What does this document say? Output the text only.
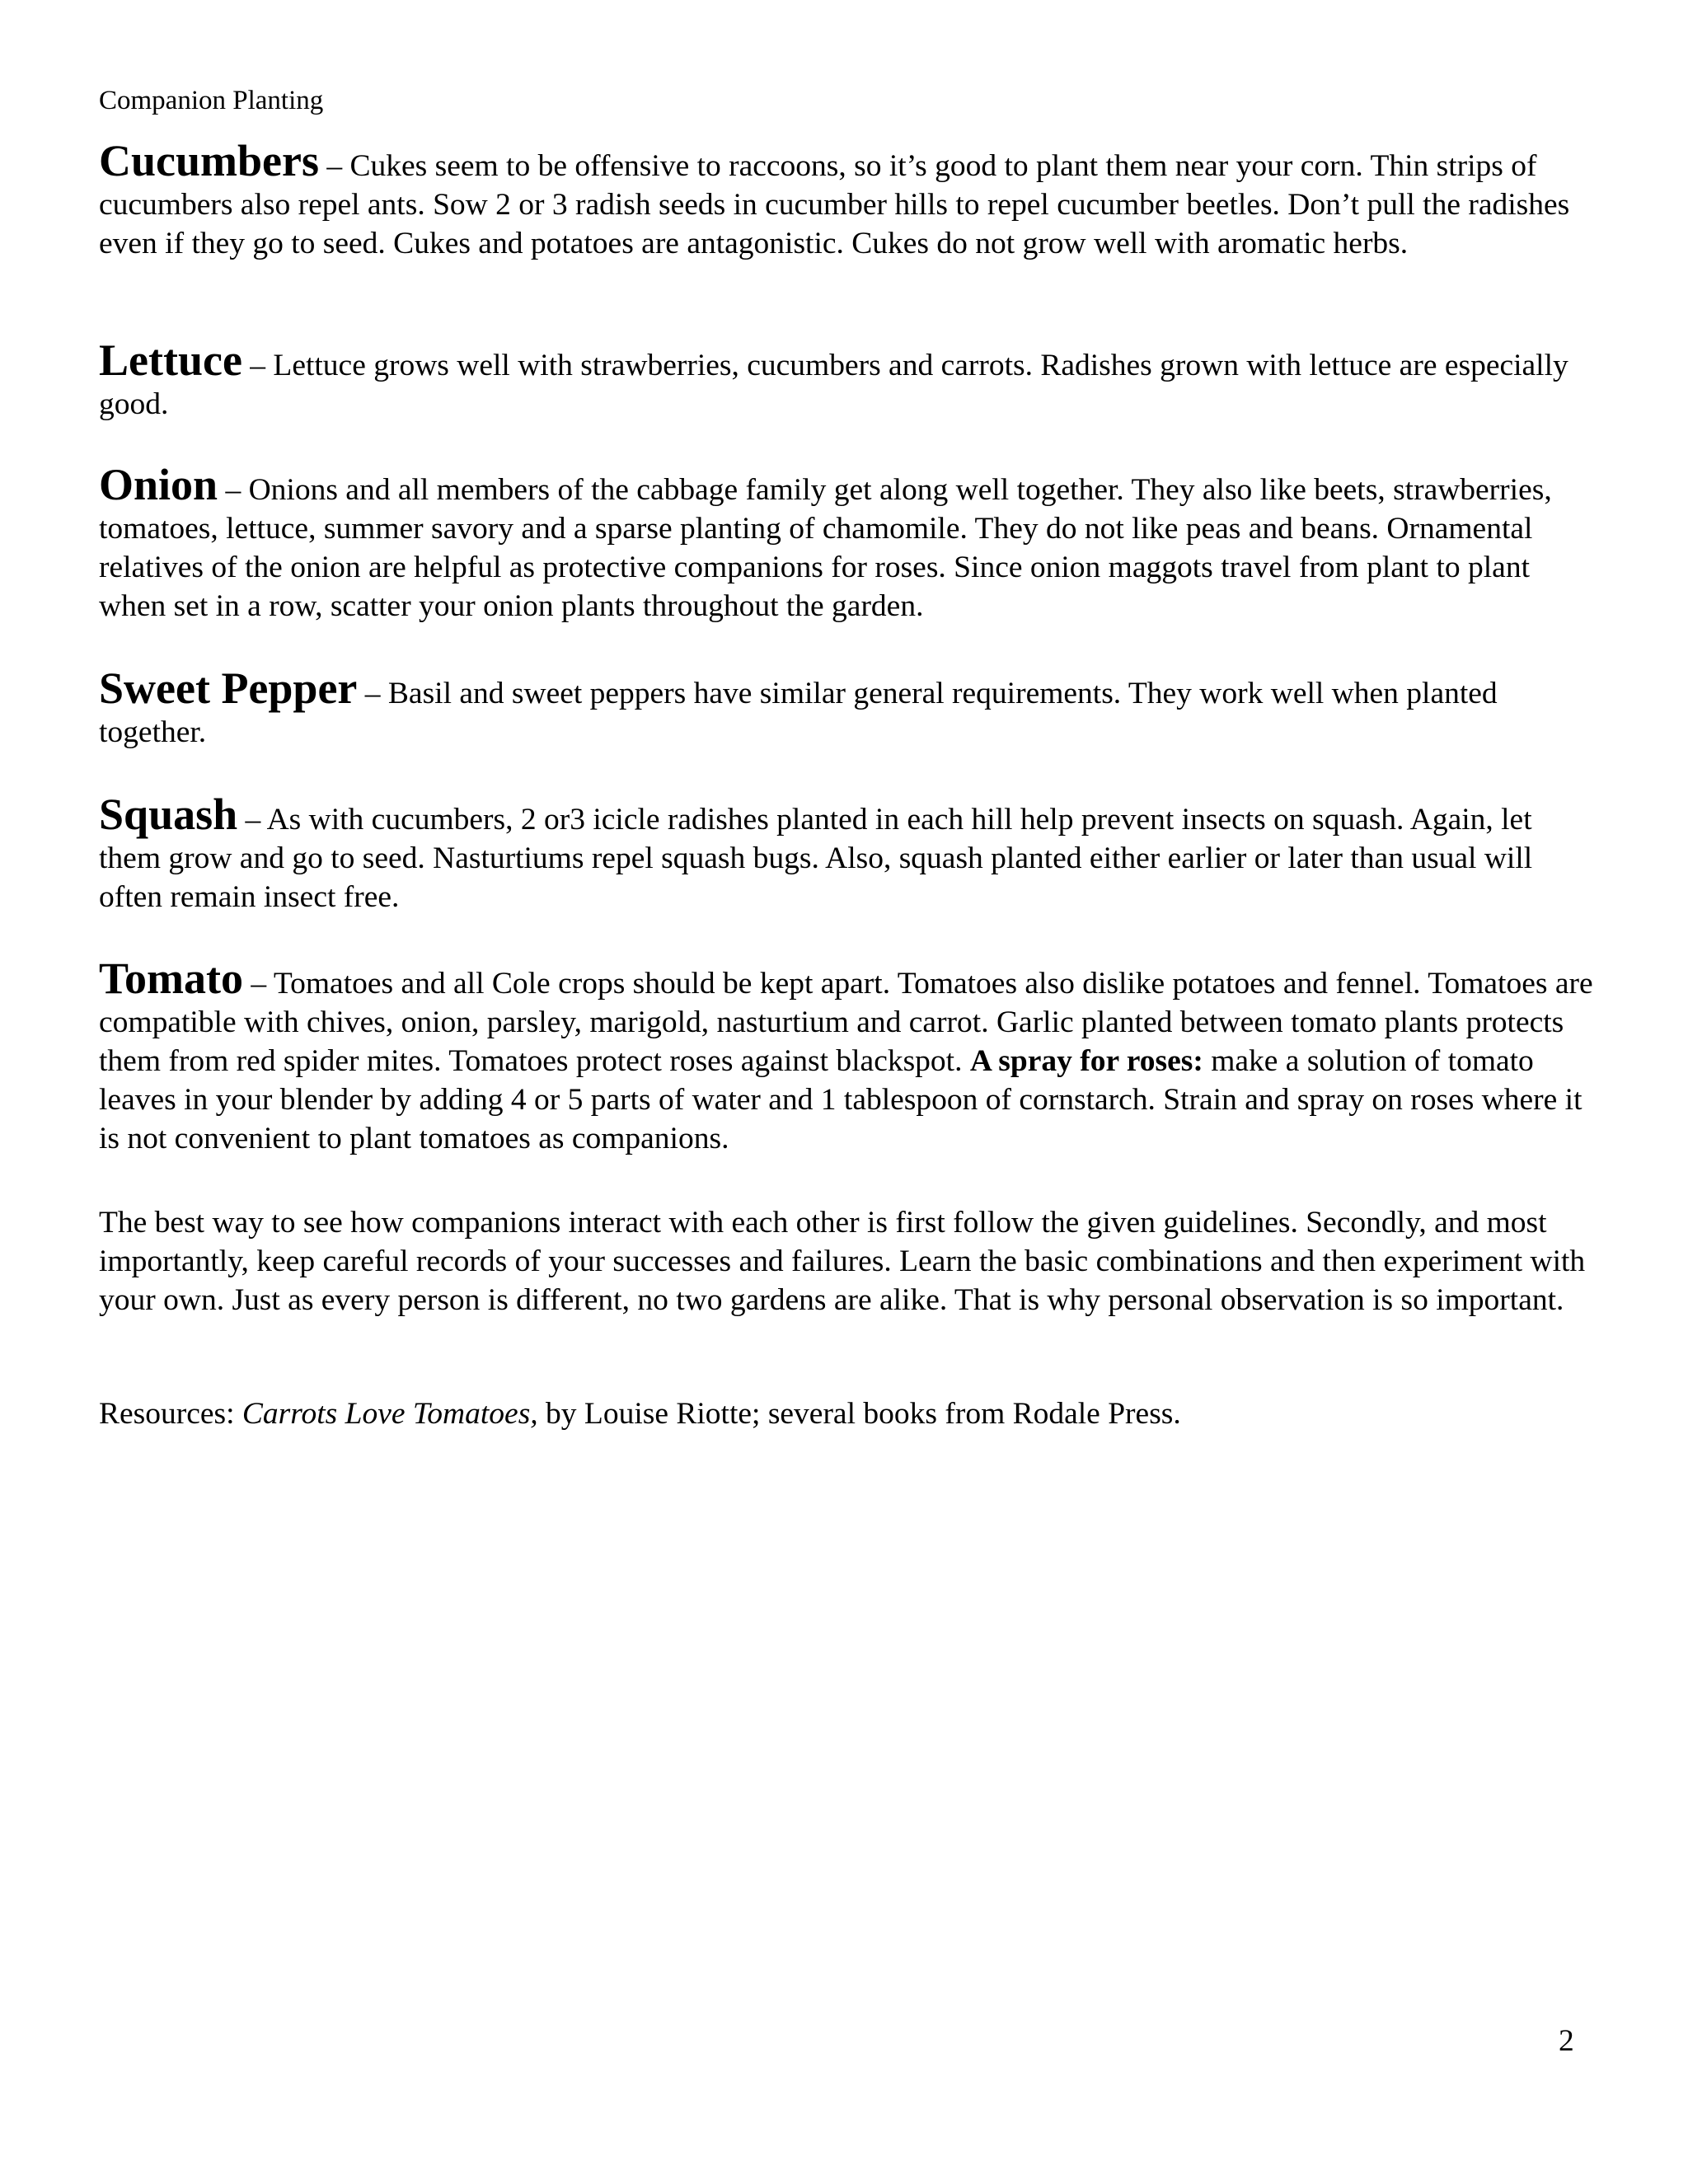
Companion Planting
Cucumbers – Cukes seem to be offensive to raccoons, so it’s good to plant them near your corn. Thin strips of cucumbers also repel ants. Sow 2 or 3 radish seeds in cucumber hills to repel cucumber beetles. Don’t pull the radishes even if they go to seed. Cukes and potatoes are antagonistic. Cukes do not grow well with aromatic herbs.
Lettuce – Lettuce grows well with strawberries, cucumbers and carrots. Radishes grown with lettuce are especially good.
Onion – Onions and all members of the cabbage family get along well together. They also like beets, strawberries, tomatoes, lettuce, summer savory and a sparse planting of chamomile. They do not like peas and beans. Ornamental relatives of the onion are helpful as protective companions for roses. Since onion maggots travel from plant to plant when set in a row, scatter your onion plants throughout the garden.
Sweet Pepper – Basil and sweet peppers have similar general requirements. They work well when planted together.
Squash – As with cucumbers, 2 or3 icicle radishes planted in each hill help prevent insects on squash. Again, let them grow and go to seed. Nasturtiums repel squash bugs. Also, squash planted either earlier or later than usual will often remain insect free.
Tomato – Tomatoes and all Cole crops should be kept apart. Tomatoes also dislike potatoes and fennel. Tomatoes are compatible with chives, onion, parsley, marigold, nasturtium and carrot. Garlic planted between tomato plants protects them from red spider mites. Tomatoes protect roses against blackspot. A spray for roses: make a solution of tomato leaves in your blender by adding 4 or 5 parts of water and 1 tablespoon of cornstarch. Strain and spray on roses where it is not convenient to plant tomatoes as companions.
The best way to see how companions interact with each other is first follow the given guidelines. Secondly, and most importantly, keep careful records of your successes and failures. Learn the basic combinations and then experiment with your own. Just as every person is different, no two gardens are alike. That is why personal observation is so important.
Resources: Carrots Love Tomatoes, by Louise Riotte; several books from Rodale Press.
2
